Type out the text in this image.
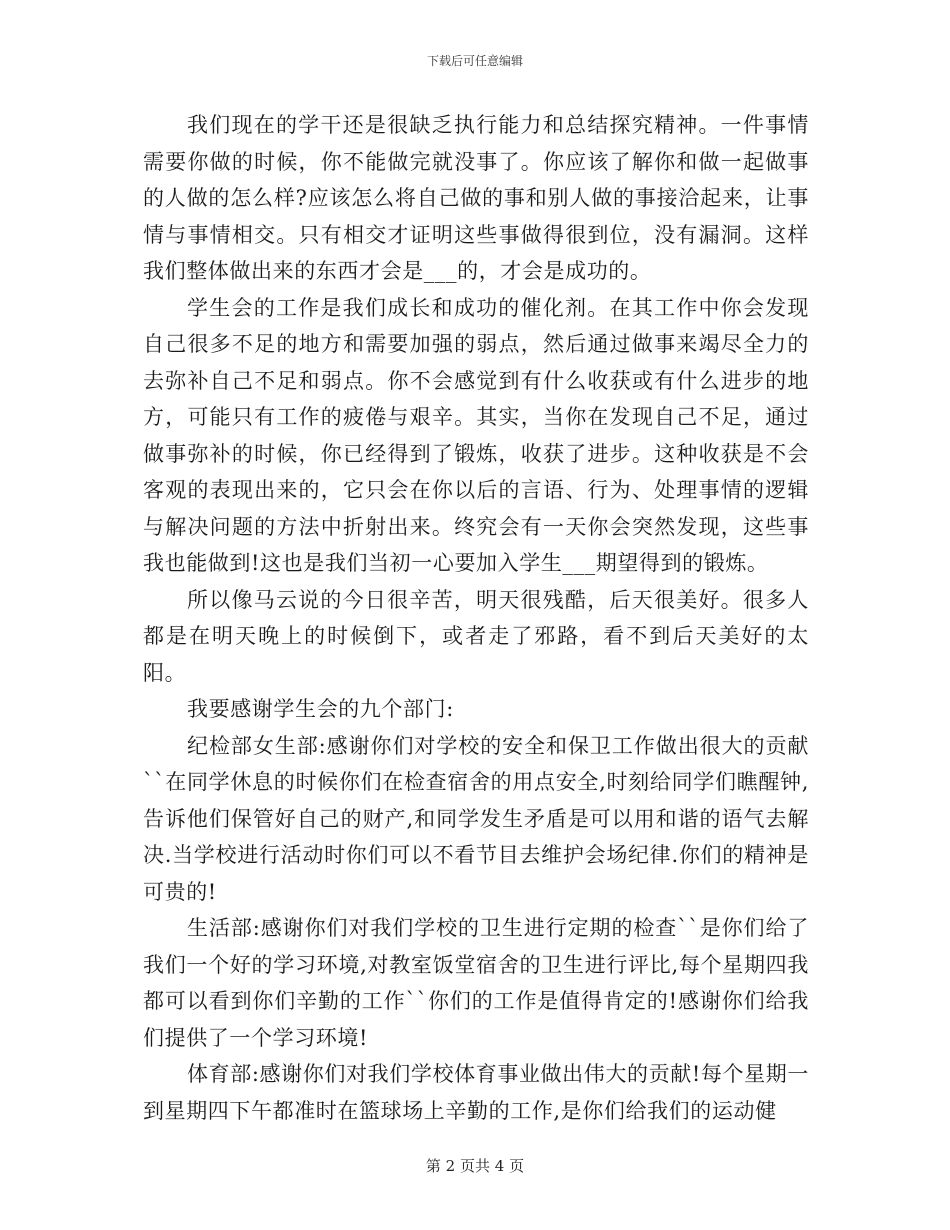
下载后可任意编辑

我们现在的学干还是很缺乏执行能力和总结探究精神。一件事情需要你做的时候，你不能做完就没事了。你应该了解你和做一起做事的人做的怎么样?应该怎么将自己做的事和别人做的事接洽起来，让事情与事情相交。只有相交才证明这些事做得很到位，没有漏洞。这样我们整体做出来的东西才会是___的，才会是成功的。

学生会的工作是我们成长和成功的催化剂。在其工作中你会发现自己很多不足的地方和需要加强的弱点，然后通过做事来竭尽全力的去弥补自己不足和弱点。你不会感觉到有什么收获或有什么进步的地方，可能只有工作的疲倦与艰辛。其实，当你在发现自己不足，通过做事弥补的时候，你已经得到了锻炼，收获了进步。这种收获是不会客观的表现出来的，它只会在你以后的言语、行为、处理事情的逻辑与解决问题的方法中折射出来。终究会有一天你会突然发现，这些事我也能做到!这也是我们当初一心要加入学生___期望得到的锻炼。

所以像马云说的今日很辛苦，明天很残酷，后天很美好。很多人都是在明天晚上的时候倒下，或者走了邪路，看不到后天美好的太阳。

我要感谢学生会的九个部门:

纪检部女生部:感谢你们对学校的安全和保卫工作做出很大的贡献``在同学休息的时候你们在检查宿舍的用点安全,时刻给同学们瞧醒钟,告诉他们保管好自己的财产,和同学发生矛盾是可以用和谐的语气去解决.当学校进行活动时你们可以不看节目去维护会场纪律.你们的精神是可贵的!

生活部:感谢你们对我们学校的卫生进行定期的检查``是你们给了我们一个好的学习环境,对教室饭堂宿舍的卫生进行评比,每个星期四我都可以看到你们辛勤的工作``你们的工作是值得肯定的!感谢你们给我们提供了一个学习环境!

体育部:感谢你们对我们学校体育事业做出伟大的贡献!每个星期一到星期四下午都准时在篮球场上辛勤的工作,是你们给我们的运动健

第 2 页共 4 页
